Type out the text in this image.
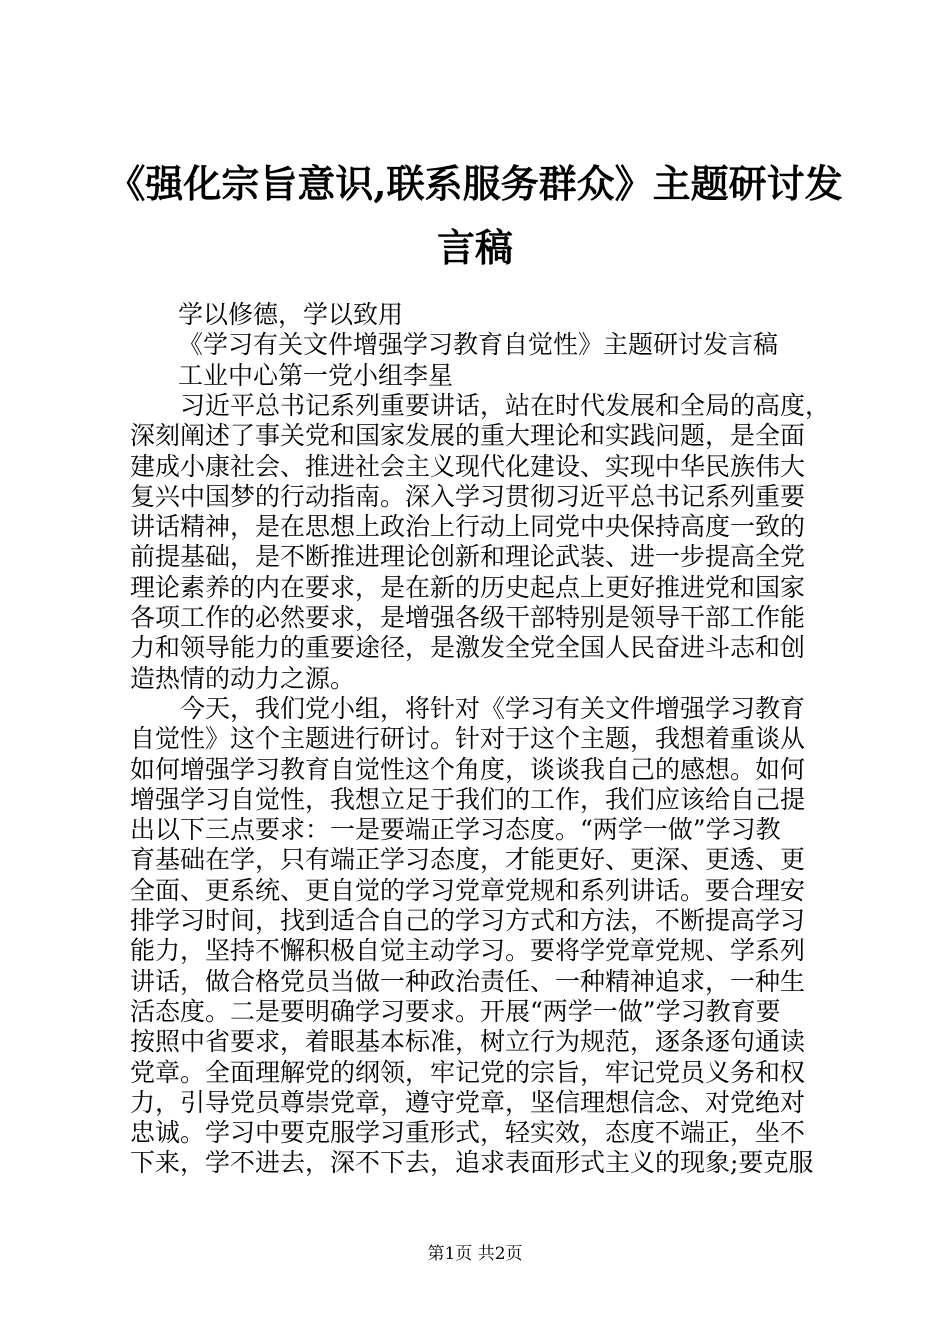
《强化宗旨意识,联系服务群众》主题研讨发
言稿
学以修德，学以致用
《学习有关文件增强学习教育自觉性》主题研讨发言稿
工业中心第一党小组李星
习近平总书记系列重要讲话，站在时代发展和全局的高度，
深刻阐述了事关党和国家发展的重大理论和实践问题，是全面
建成小康社会、推进社会主义现代化建设、实现中华民族伟大
复兴中国梦的行动指南。深入学习贯彻习近平总书记系列重要
讲话精神，是在思想上政治上行动上同党中央保持高度一致的
前提基础，是不断推进理论创新和理论武装、进一步提高全党
理论素养的内在要求，是在新的历史起点上更好推进党和国家
各项工作的必然要求，是增强各级干部特别是领导干部工作能
力和领导能力的重要途径，是激发全党全国人民奋进斗志和创
造热情的动力之源。
今天，我们党小组，将针对《学习有关文件增强学习教育
自觉性》这个主题进行研讨。针对于这个主题，我想着重谈从
如何增强学习教育自觉性这个角度，谈谈我自己的感想。如何
增强学习自觉性，我想立足于我们的工作，我们应该给自己提
出以下三点要求：一是要端正学习态度。“两学一做”学习教
育基础在学，只有端正学习态度，才能更好、更深、更透、更
全面、更系统、更自觉的学习党章党规和系列讲话。要合理安
排学习时间，找到适合自己的学习方式和方法，不断提高学习
能力，坚持不懈积极自觉主动学习。要将学党章党规、学系列
讲话，做合格党员当做一种政治责任、一种精神追求，一种生
活态度。二是要明确学习要求。开展“两学一做”学习教育要
按照中省要求，着眼基本标准，树立行为规范，逐条逐句通读
党章。全面理解党的纲领，牢记党的宗旨，牢记党员义务和权
力，引导党员尊崇党章，遵守党章，坚信理想信念、对党绝对
忠诚。学习中要克服学习重形式，轻实效，态度不端正，坐不
下来，学不进去，深不下去，追求表面形式主义的现象;要克服
第1页 共2页
